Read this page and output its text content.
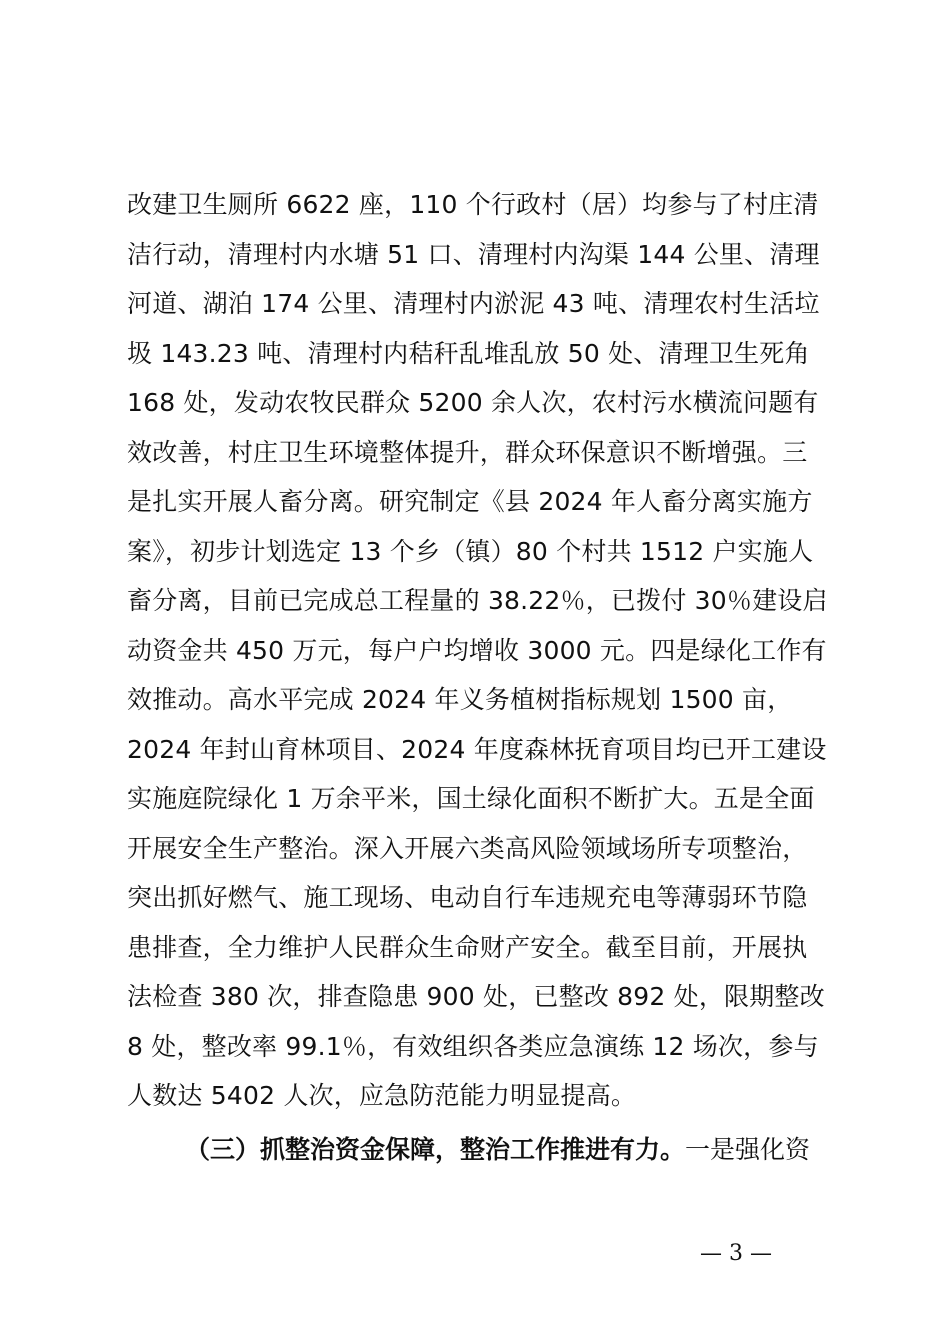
改建卫生厕所 6622 座，110 个行政村（居）均参与了村庄清
洁行动，清理村内水塘 51 口、清理村内沟渠 144 公里、清理
河道、湖泊 174 公里、清理村内淤泥 43 吨、清理农村生活垃
圾 143.23 吨、清理村内秸秆乱堆乱放 50 处、清理卫生死角
168 处，发动农牧民群众 5200 余人次，农村污水横流问题有
效改善，村庄卫生环境整体提升，群众环保意识不断增强。三
是扎实开展人畜分离。研究制定《县 2024 年人畜分离实施方
案》，初步计划选定 13 个乡（镇）80 个村共 1512 户实施人
畜分离，目前已完成总工程量的 38.22％，已拨付 30％建设启
动资金共 450 万元，每户户均增收 3000 元。四是绿化工作有
效推动。高水平完成 2024 年义务植树指标规划 1500 亩，
2024 年封山育林项目、2024 年度森林抚育项目均已开工建设
实施庭院绿化 1 万余平米，国土绿化面积不断扩大。五是全面
开展安全生产整治。深入开展六类高风险领域场所专项整治，
突出抓好燃气、施工现场、电动自行车违规充电等薄弱环节隐
患排查，全力维护人民群众生命财产安全。截至目前，开展执
法检查 380 次，排查隐患 900 处，已整改 892 处，限期整改
8 处，整改率 99.1％，有效组织各类应急演练 12 场次，参与
人数达 5402 人次，应急防范能力明显提高。
（三）抓整治资金保障，整治工作推进有力。一是强化资
— 3 —
